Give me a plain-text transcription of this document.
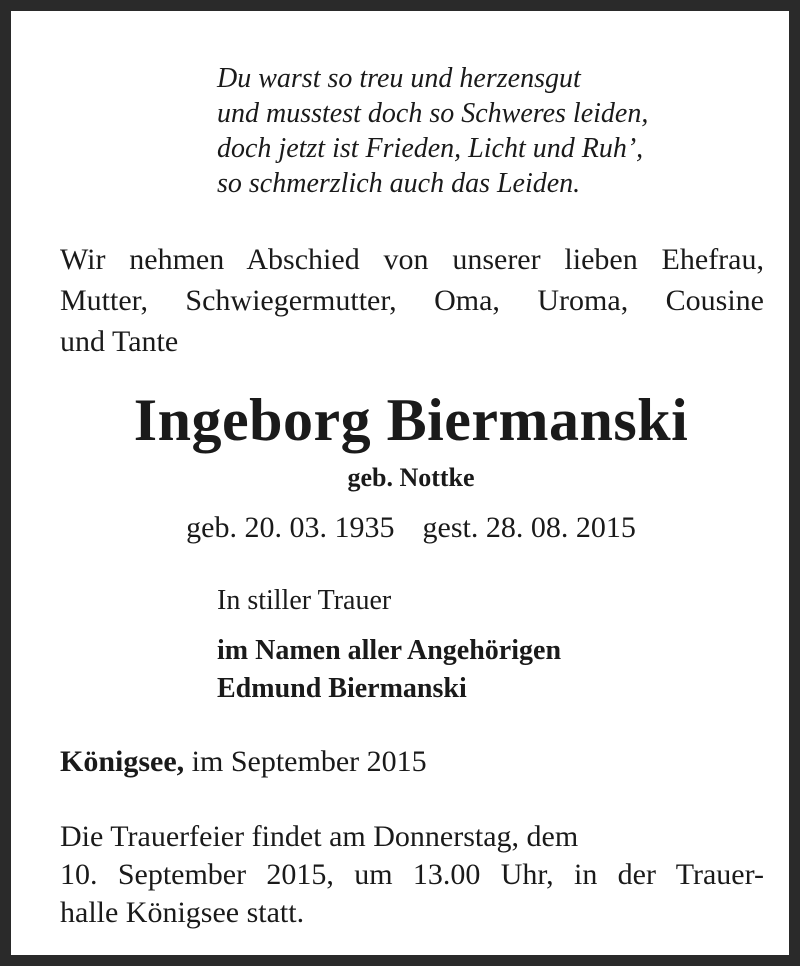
Du warst so treu und herzensgut
und musstest doch so Schweres leiden,
doch jetzt ist Frieden, Licht und Ruh’,
so schmerzlich auch das Leiden.
Wir nehmen Abschied von unserer lieben Ehefrau,
Mutter, Schwiegermutter, Oma, Uroma, Cousine
und Tante
Ingeborg Biermanski
geb. Nottke
geb. 20. 03. 1935 gest. 28. 08. 2015
In stiller Trauer
im Namen aller Angehörigen
Edmund Biermanski
Königsee, im September 2015
Die Trauerfeier findet am Donnerstag, dem
10. September 2015, um 13.00 Uhr, in der Trauer-
halle Königsee statt.
